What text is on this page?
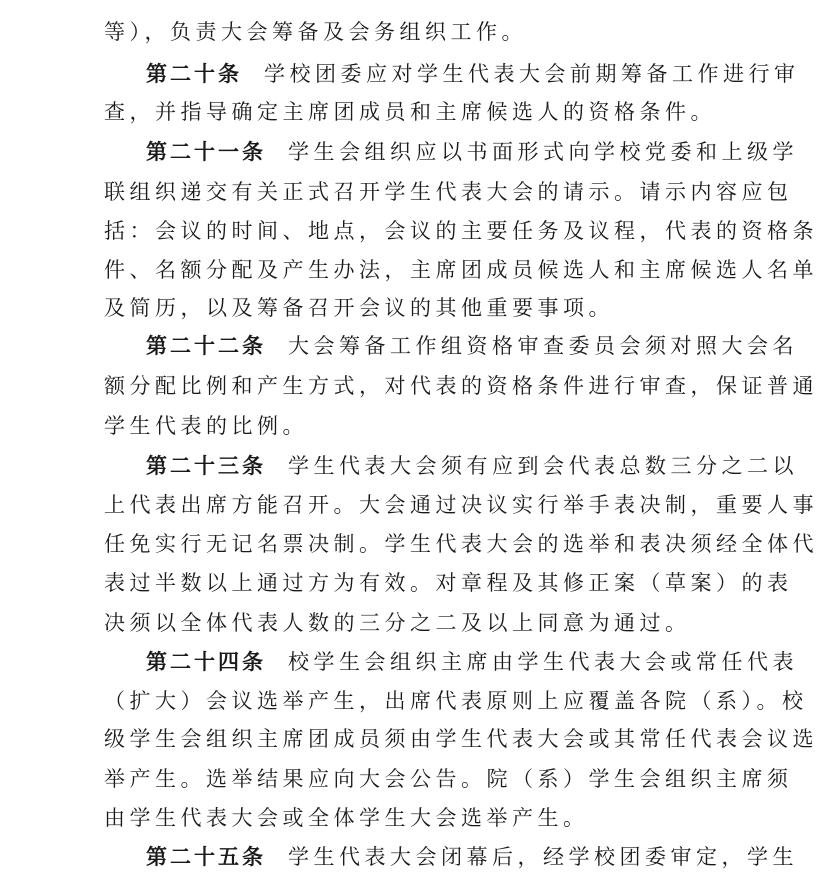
等），负责大会筹备及会务组织工作。
第二十条 学校团委应对学生代表大会前期筹备工作进行审
查，并指导确定主席团成员和主席候选人的资格条件。
第二十一条 学生会组织应以书面形式向学校党委和上级学
联组织递交有关正式召开学生代表大会的请示。请示内容应包
括：会议的时间、地点，会议的主要任务及议程，代表的资格条
件、名额分配及产生办法，主席团成员候选人和主席候选人名单
及简历，以及筹备召开会议的其他重要事项。
第二十二条 大会筹备工作组资格审查委员会须对照大会名
额分配比例和产生方式，对代表的资格条件进行审查，保证普通
学生代表的比例。
第二十三条 学生代表大会须有应到会代表总数三分之二以
上代表出席方能召开。大会通过决议实行举手表决制，重要人事
任免实行无记名票决制。学生代表大会的选举和表决须经全体代
表过半数以上通过方为有效。对章程及其修正案（草案）的表
决须以全体代表人数的三分之二及以上同意为通过。
第二十四条 校学生会组织主席由学生代表大会或常任代表
（扩大）会议选举产生，出席代表原则上应覆盖各院（系）。校
级学生会组织主席团成员须由学生代表大会或其常任代表会议选
举产生。选举结果应向大会公告。院（系）学生会组织主席须
由学生代表大会或全体学生大会选举产生。
第二十五条 学生代表大会闭幕后，经学校团委审定，学生
